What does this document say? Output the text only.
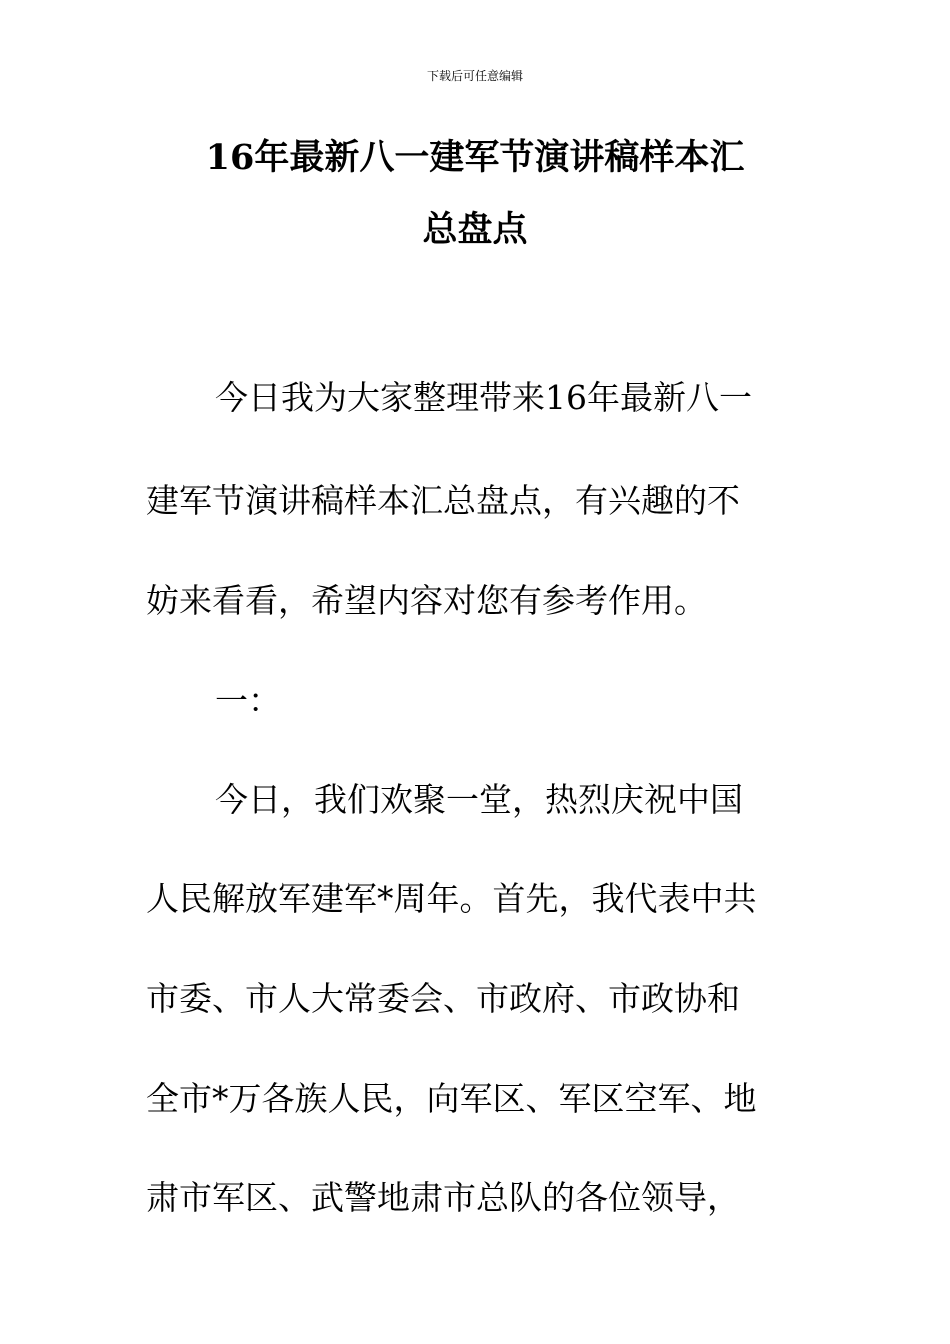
下载后可任意编辑
16年最新八一建军节演讲稿样本汇
总盘点
今日我为大家整理带来16年最新八一
建军节演讲稿样本汇总盘点，有兴趣的不
妨来看看，希望内容对您有参考作用。
一：
今日，我们欢聚一堂，热烈庆祝中国
人民解放军建军*周年。首先，我代表中共
市委、市人大常委会、市政府、市政协和
全市*万各族人民，向军区、军区空军、地
肃市军区、武警地肃市总队的各位领导，
